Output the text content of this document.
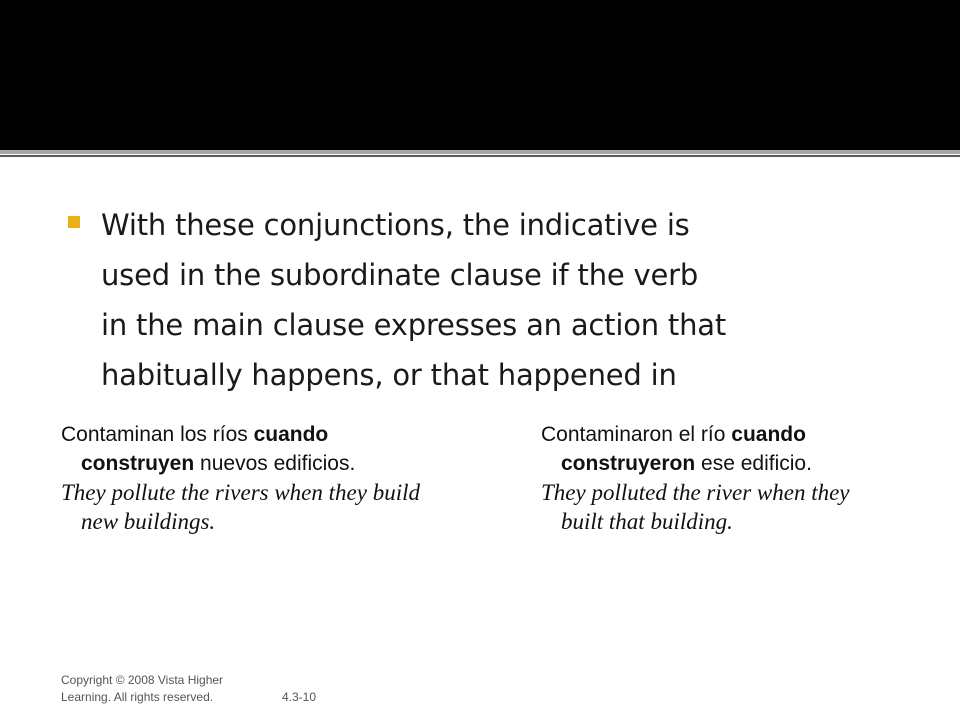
With these conjunctions, the indicative is
used in the subordinate clause if the verb
in the main clause expresses an action that
habitually happens, or that happened in

Contaminan los ríos cuando
construyen nuevos edificios.
They pollute the rivers when they build
new buildings.
Contaminaron el río cuando
construyeron ese edificio.
They polluted the river when they
built that building.
Copyright © 2008 Vista Higher Learning. All rights reserved.	4.3-10
